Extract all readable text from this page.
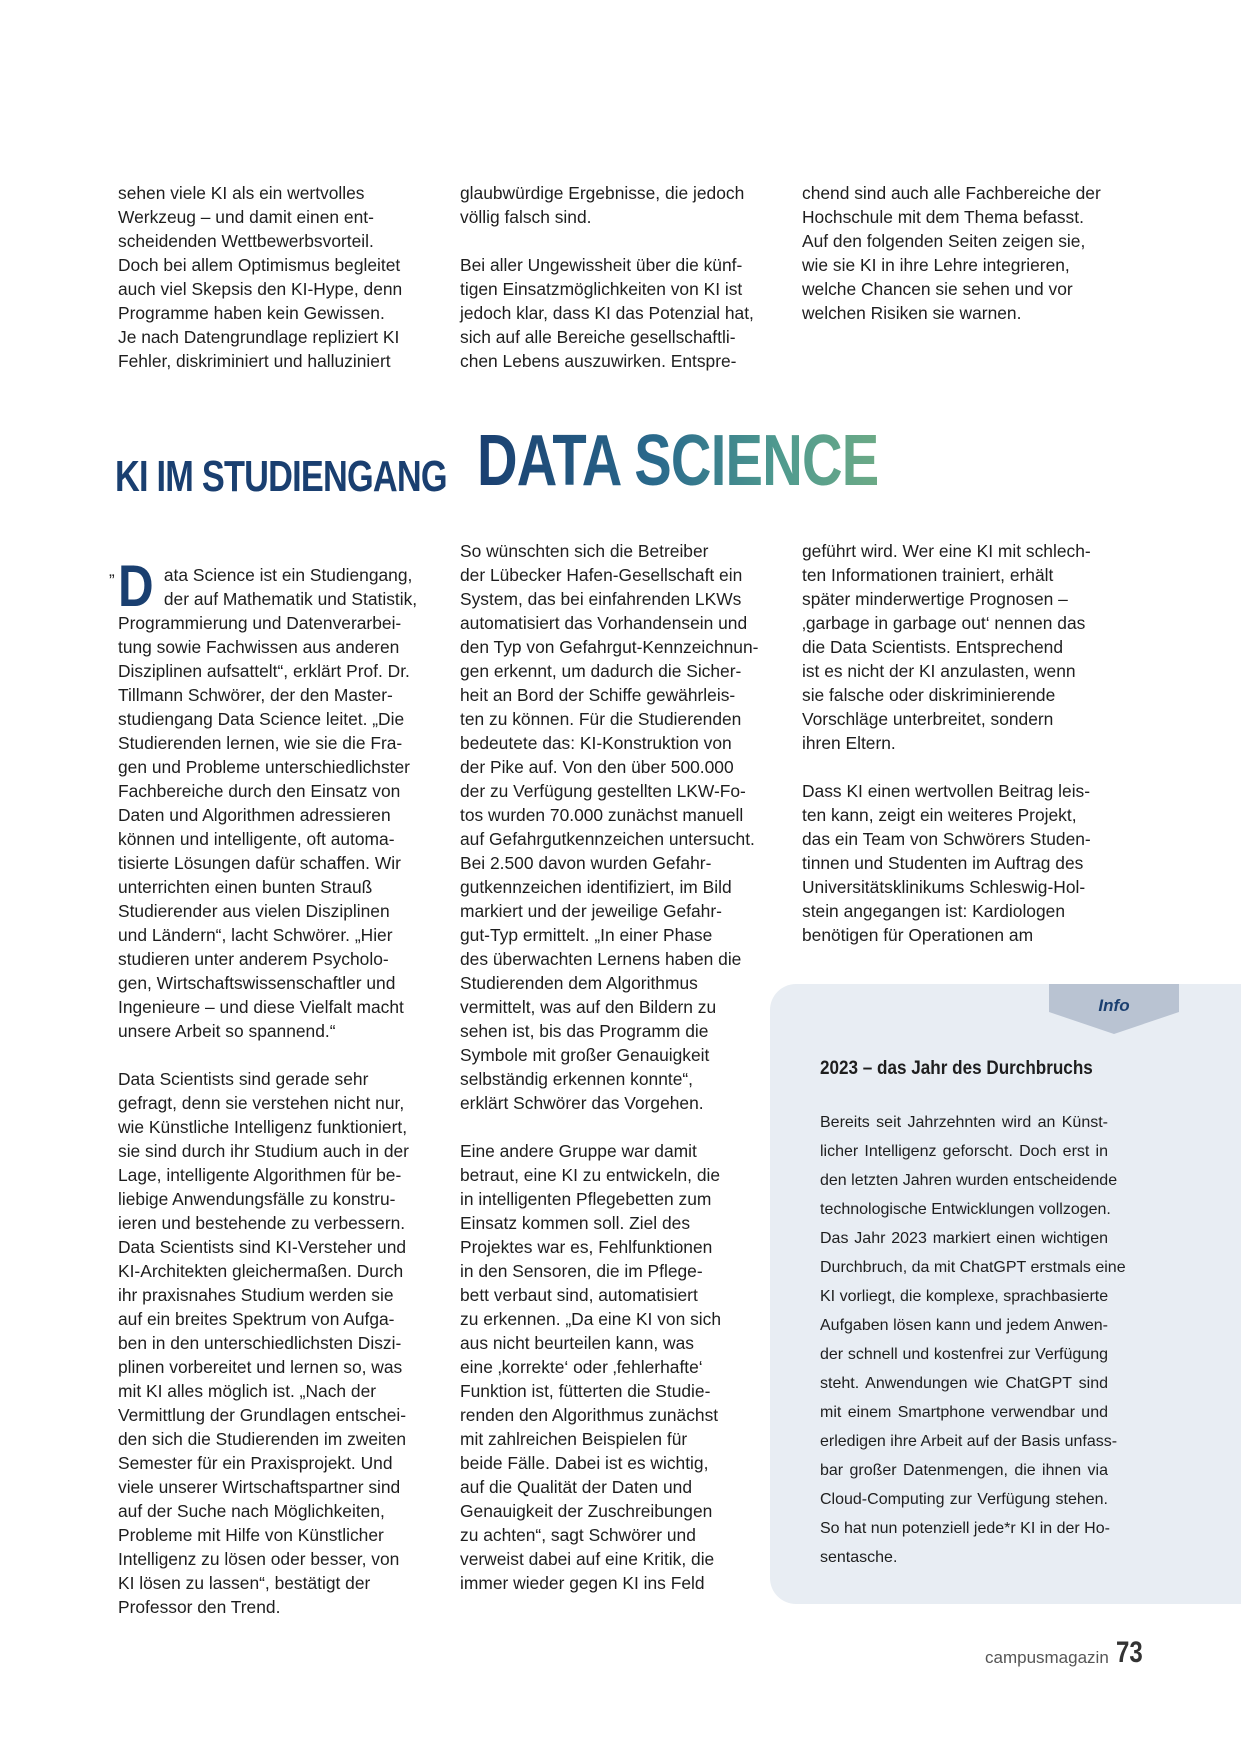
sehen viele KI als ein wertvolles
Werkzeug – und damit einen ent-
scheidenden Wettbewerbsvorteil.
Doch bei allem Optimismus begleitet
auch viel Skepsis den KI-Hype, denn
Programme haben kein Gewissen.
Je nach Datengrundlage repliziert KI
Fehler, diskriminiert und halluziniert

glaubwürdige Ergebnisse, die jedoch
völlig falsch sind.

Bei aller Ungewissheit über die künf-
tigen Einsatzmöglichkeiten von KI ist
jedoch klar, dass KI das Potenzial hat,
sich auf alle Bereiche gesellschaftli-
chen Lebens auszuwirken. Entspre-

chend sind auch alle Fachbereiche der
Hochschule mit dem Thema befasst.
Auf den folgenden Seiten zeigen sie,
wie sie KI in ihre Lehre integrieren,
welche Chancen sie sehen und vor
welchen Risiken sie warnen.

KI IM STUDIENGANG DATA SCIENCE

„ D ata Science ist ein Studiengang,
der auf Mathematik und Statistik,
Programmierung und Datenverarbei-
tung sowie Fachwissen aus anderen
Disziplinen aufsattelt“, erklärt Prof. Dr.
Tillmann Schwörer, der den Master-
studiengang Data Science leitet. „Die
Studierenden lernen, wie sie die Fra-
gen und Probleme unterschiedlichster
Fachbereiche durch den Einsatz von
Daten und Algorithmen adressieren
können und intelligente, oft automa-
tisierte Lösungen dafür schaffen. Wir
unterrichten einen bunten Strauß
Studierender aus vielen Disziplinen
und Ländern“, lacht Schwörer. „Hier
studieren unter anderem Psycholo-
gen, Wirtschaftswissenschaftler und
Ingenieure – und diese Vielfalt macht
unsere Arbeit so spannend.“

Data Scientists sind gerade sehr
gefragt, denn sie verstehen nicht nur,
wie Künstliche Intelligenz funktioniert,
sie sind durch ihr Studium auch in der
Lage, intelligente Algorithmen für be-
liebige Anwendungsfälle zu konstru-
ieren und bestehende zu verbessern.
Data Scientists sind KI-Versteher und
KI-Architekten gleichermaßen. Durch
ihr praxisnahes Studium werden sie
auf ein breites Spektrum von Aufga-
ben in den unterschiedlichsten Diszi-
plinen vorbereitet und lernen so, was
mit KI alles möglich ist. „Nach der
Vermittlung der Grundlagen entschei-
den sich die Studierenden im zweiten
Semester für ein Praxisprojekt. Und
viele unserer Wirtschaftspartner sind
auf der Suche nach Möglichkeiten,
Probleme mit Hilfe von Künstlicher
Intelligenz zu lösen oder besser, von
KI lösen zu lassen“, bestätigt der
Professor den Trend.

So wünschten sich die Betreiber
der Lübecker Hafen-Gesellschaft ein
System, das bei einfahrenden LKWs
automatisiert das Vorhandensein und
den Typ von Gefahrgut-Kennzeichnun-
gen erkennt, um dadurch die Sicher-
heit an Bord der Schiffe gewährleis-
ten zu können. Für die Studierenden
bedeutete das: KI-Konstruktion von
der Pike auf. Von den über 500.000
der zu Verfügung gestellten LKW-Fo-
tos wurden 70.000 zunächst manuell
auf Gefahrgutkennzeichen untersucht.
Bei 2.500 davon wurden Gefahr-
gutkennzeichen identifiziert, im Bild
markiert und der jeweilige Gefahr-
gut-Typ ermittelt. „In einer Phase
des überwachten Lernens haben die
Studierenden dem Algorithmus
vermittelt, was auf den Bildern zu
sehen ist, bis das Programm die
Symbole mit großer Genauigkeit
selbständig erkennen konnte“,
erklärt Schwörer das Vorgehen.

Eine andere Gruppe war damit
betraut, eine KI zu entwickeln, die
in intelligenten Pflegebetten zum
Einsatz kommen soll. Ziel des
Projektes war es, Fehlfunktionen
in den Sensoren, die im Pflege-
bett verbaut sind, automatisiert
zu erkennen. „Da eine KI von sich
aus nicht beurteilen kann, was
eine ‚korrekte‘ oder ‚fehlerhafte‘
Funktion ist, fütterten die Studie-
renden den Algorithmus zunächst
mit zahlreichen Beispielen für
beide Fälle. Dabei ist es wichtig,
auf die Qualität der Daten und
Genauigkeit der Zuschreibungen
zu achten“, sagt Schwörer und
verweist dabei auf eine Kritik, die
immer wieder gegen KI ins Feld

geführt wird. Wer eine KI mit schlech-
ten Informationen trainiert, erhält
später minderwertige Prognosen –
‚garbage in garbage out‘ nennen das
die Data Scientists. Entsprechend
ist es nicht der KI anzulasten, wenn
sie falsche oder diskriminierende
Vorschläge unterbreitet, sondern
ihren Eltern.

Dass KI einen wertvollen Beitrag leis-
ten kann, zeigt ein weiteres Projekt,
das ein Team von Schwörers Studen-
tinnen und Studenten im Auftrag des
Universitätsklinikums Schleswig-Hol-
stein angegangen ist: Kardiologen
benötigen für Operationen am

Info
2023 – das Jahr des Durchbruchs
Bereits seit Jahrzehnten wird an Künst-
licher Intelligenz geforscht. Doch erst in
den letzten Jahren wurden entscheidende
technologische Entwicklungen vollzogen.
Das Jahr 2023 markiert einen wichtigen
Durchbruch, da mit ChatGPT erstmals eine
KI vorliegt, die komplexe, sprachbasierte
Aufgaben lösen kann und jedem Anwen-
der schnell und kostenfrei zur Verfügung
steht. Anwendungen wie ChatGPT sind
mit einem Smartphone verwendbar und
erledigen ihre Arbeit auf der Basis unfass-
bar großer Datenmengen, die ihnen via
Cloud-Computing zur Verfügung stehen.
So hat nun potenziell jede*r KI in der Ho-
sentasche.
campusmagazin 73
